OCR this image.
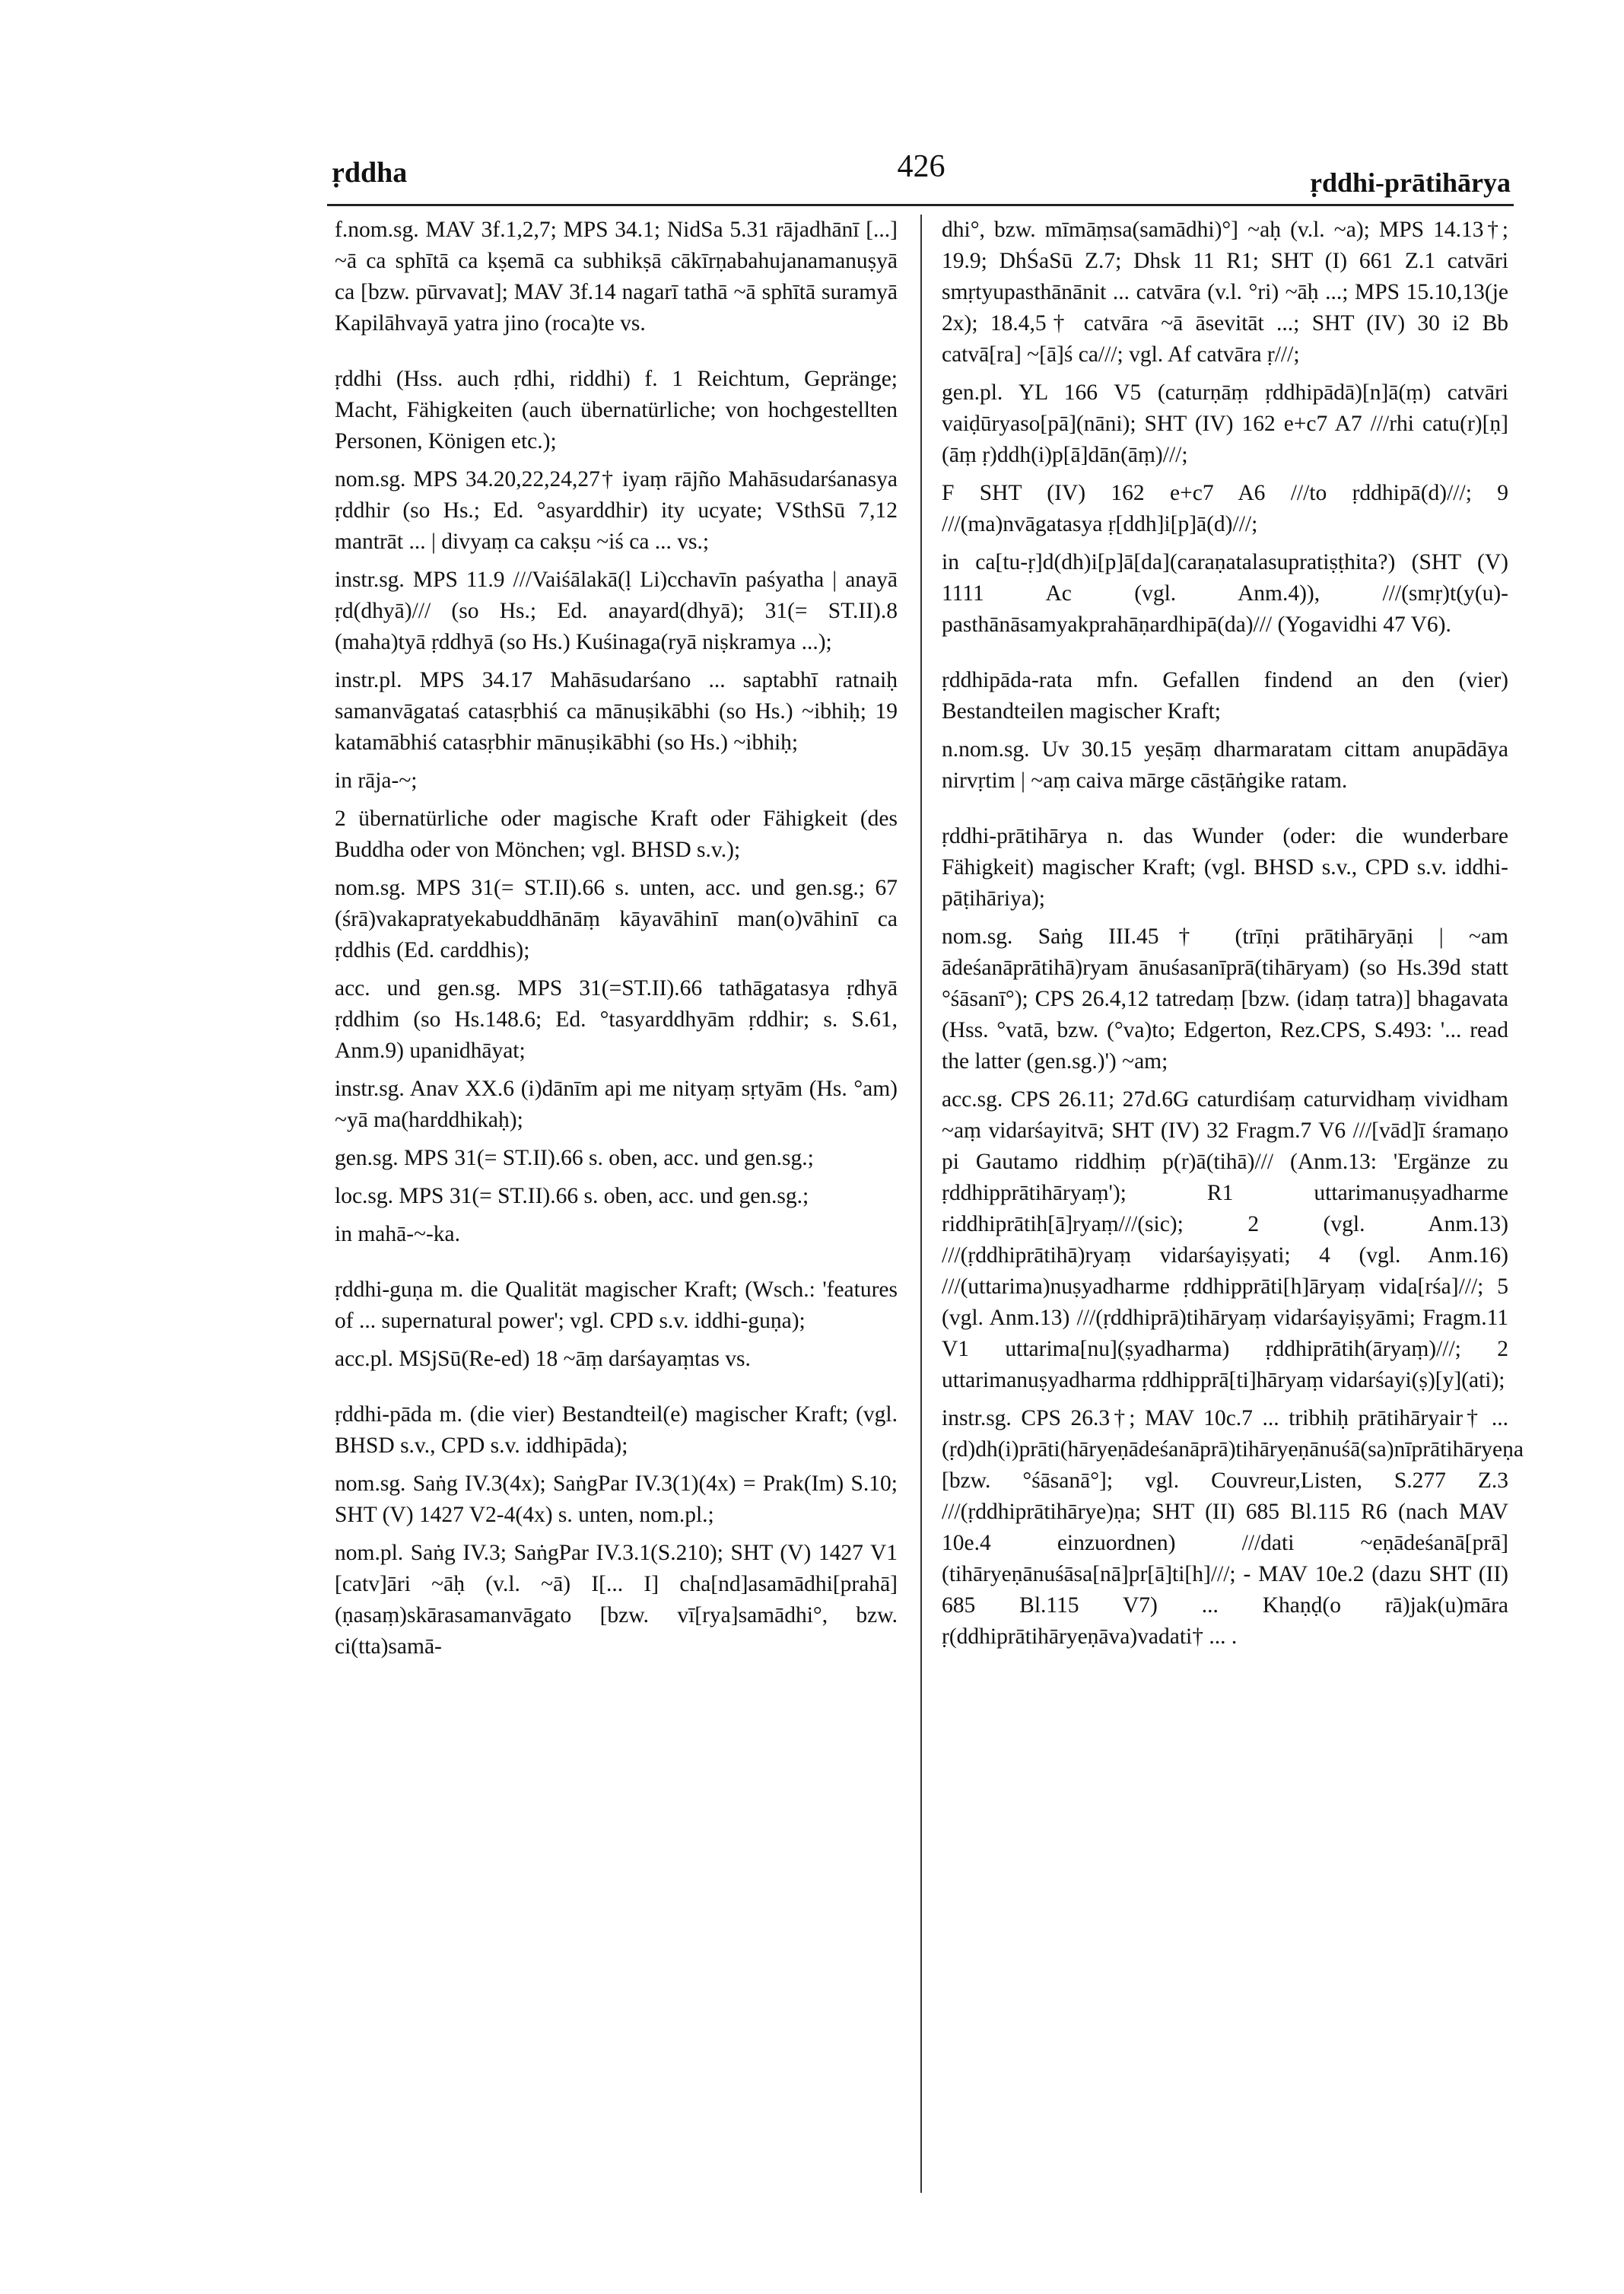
ṛddha	426	ṛddhi-prātihārya
f.nom.sg. MAV 3f.1,2,7; MPS 34.1; NidSa 5.31 rājadhānī [...] ~ā ca sphītā ca kṣemā ca subhikṣā cākīrṇabahujanamanuṣyā ca [bzw. pūrvavat]; MAV 3f.14 nagarī tathā ~ā sphītā suramyā Kapilāhvayā yatra jino (roca)te vs.
ṛddhi (Hss. auch ṛdhi, riddhi) f. 1 Reichtum, Gepränge; Macht, Fähigkeiten (auch übernatürliche; von hochgestellten Personen, Königen etc.);
nom.sg. MPS 34.20,22,24,27† iyaṃ rājño Mahāsudarśanasya ṛddhir (so Hs.; Ed. °asyarddhir) ity ucyate; VSthSū 7,12 mantrāt ... | divyaṃ ca cakṣu ~iś ca ... vs.;
instr.sg. MPS 11.9 ///Vaiśālakā(ḷ Li)cchavīn paśyatha | anayā ṛd(dhyā)/// (so Hs.; Ed. anayard(dhyā); 31(= ST.II).8 (maha)tyā ṛddhyā (so Hs.) Kuśinaga(ryā niṣkramya ...);
instr.pl. MPS 34.17 Mahāsudarśano ... saptabhī ratnaiḥ samanvāgataś catasṛbhiś ca mānuṣikābhi (so Hs.) ~ibhiḥ; 19 katamābhiś catasṛbhir mānuṣikābhi (so Hs.) ~ibhiḥ;
in rāja-~;
2 übernatürliche oder magische Kraft oder Fähigkeit (des Buddha oder von Mönchen; vgl. BHSD s.v.);
nom.sg. MPS 31(= ST.II).66 s. unten, acc. und gen.sg.; 67 (śrā)vakapratyekabuddhānāṃ kāyavāhinī man(o)vāhinī ca ṛddhis (Ed. carddhis);
acc. und gen.sg. MPS 31(=ST.II).66 tathāgatasya ṛdhyā ṛddhim (so Hs.148.6; Ed. °tasyarddhyām ṛddhir; s. S.61, Anm.9) upanidhāyat;
instr.sg. Anav XX.6 (i)dānīm api me nityaṃ sṛtyām (Hs. °am) ~yā ma(harddhikaḥ);
gen.sg. MPS 31(= ST.II).66 s. oben, acc. und gen.sg.;
loc.sg. MPS 31(= ST.II).66 s. oben, acc. und gen.sg.;
in mahā-~-ka.
ṛddhi-guṇa m. die Qualität magischer Kraft; (Wsch.: 'features of ... supernatural power'; vgl. CPD s.v. iddhi-guṇa);
acc.pl. MSjSū(Re-ed) 18 ~āṃ darśayaṃtas vs.
ṛddhi-pāda m. (die vier) Bestandteil(e) magischer Kraft; (vgl. BHSD s.v., CPD s.v. iddhipāda);
nom.sg. Saṅg IV.3(4x); SaṅgPar IV.3(1)(4x) = Prak(Im) S.10; SHT (V) 1427 V2-4(4x) s. unten, nom.pl.;
nom.pl. Saṅg IV.3; SaṅgPar IV.3.1(S.210); SHT (V) 1427 V1 [catv]āri ~āḥ (v.l. ~ā) I[... I] cha[nd]asamādhi[prahā](ṇasaṃ)skārasamanvāgato [bzw. vī[rya]samādhi°, bzw. ci(tta)samā-
dhi°, bzw. mīmāṃsa(samādhi)°] ~aḥ (v.l. ~a); MPS 14.13†; 19.9; DhŚaSū Z.7; Dhsk 11 R1; SHT (I) 661 Z.1 catvāri smṛtyupasthānānit ... catvāra (v.l. °ri) ~āḥ ...; MPS 15.10,13(je 2x); 18.4,5† catvāra ~ā āsevitāt ...; SHT (IV) 30 i2 Bb catvā[ra] ~[ā]ś ca///; vgl. Af catvāra ṛ///;
gen.pl. YL 166 V5 (caturṇāṃ ṛddhipādā)[n]ā(ṃ) catvāri vaiḍūryaso[pā](nāni); SHT (IV) 162 e+c7 A7 ///rhi catu(r)[ṇ](āṃ ṛ)ddh(i)p[ā]dān(āṃ)///;
F SHT (IV) 162 e+c7 A6 ///to ṛddhipā(d)///; 9 ///(ma)nvāgatasya ṛ[ddh]i[p]ā(d)///;
in ca[tu-ṛ]d(dh)i[p]ā[da](caraṇatalasupratiṣṭhita?) (SHT (V) 1111 Ac (vgl. Anm.4)), ///(smṛ)t(y(u)-pasthānāsamyakprahāṇardhipā(da)/// (Yogavidhi 47 V6).
ṛddhipāda-rata mfn. Gefallen findend an den (vier) Bestandteilen magischer Kraft;
n.nom.sg. Uv 30.15 yeṣāṃ dharmaratam cittam anupādāya nirvṛtim | ~aṃ caiva mārge cāsṭāṅgike ratam.
ṛddhi-prātihārya n. das Wunder (oder: die wunderbare Fähigkeit) magischer Kraft; (vgl. BHSD s.v., CPD s.v. iddhi-pāṭihāriya);
nom.sg. Saṅg III.45† (trīṇi prātihāryāṇi | ~am ādeśanāprātihā)ryam ānuśasanīprā(tihāryam) (so Hs.39d statt °śāsanī°); CPS 26.4,12 tatredaṃ [bzw. (idaṃ tatra)] bhagavata (Hss. °vatā, bzw. (°va)to; Edgerton, Rez.CPS, S.493: '... read the latter (gen.sg.)') ~am;
acc.sg. CPS 26.11; 27d.6G caturdiśaṃ caturvidhaṃ vividham ~aṃ vidarśayitvā; SHT (IV) 32 Fragm.7 V6 ///[vād]ī śramaṇo pi Gautamo riddhiṃ p(r)ā(tihā)/// (Anm.13: 'Ergänze zu ṛddhipprātihāryaṃ'); R1 uttarimanuṣyadharme riddhiprātih[ā]ryaṃ///(sic); 2 (vgl. Anm.13) ///(ṛddhiprātihā)ryaṃ vidarśayiṣyati; 4 (vgl. Anm.16) ///(uttarima)nuṣyadharme ṛddhipprāti[h]āryaṃ vida[rśa]///; 5 (vgl. Anm.13) ///(ṛddhiprā)tihāryaṃ vidarśayiṣyāmi; Fragm.11 V1 uttarima[nu](ṣyadharma) ṛddhiprātih(āryaṃ)///; 2 uttarimanuṣyadharma ṛddhipprā[ti]hāryaṃ vidarśayi(ṣ)[y](ati);
instr.sg. CPS 26.3†; MAV 10c.7 ... tribhiḥ prātihāryair† ... (ṛd)dh(i)prāti(hāryeṇādeśanāprā)tihāryeṇānuśā(sa)nīprātihāryeṇa [bzw. °śāsanā°]; vgl. Couvreur,Listen, S.277 Z.3 ///(ṛddhiprātihārye)ṇa; SHT (II) 685 Bl.115 R6 (nach MAV 10e.4 einzuordnen) ///dati ~eṇādeśanā[prā](tihāryeṇānuśāsa[nā]pr[ā]ti[h]///; - MAV 10e.2 (dazu SHT (II) 685 Bl.115 V7) ... Khaṇḍ(o rā)jak(u)māra ṛ(ddhiprātihāryeṇāva)vadati† ... .
